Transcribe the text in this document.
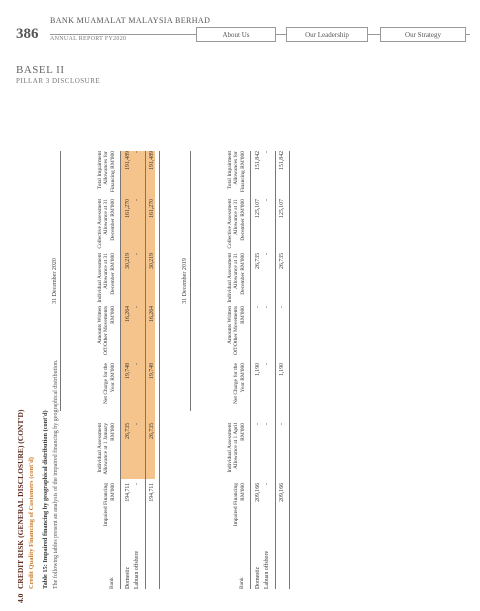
386
BANK MUAMALAT MALAYSIA BERHAD
ANNUAL REPORT FY2020
About Us	Our Leadership	Our Strategy
BASEL II
PILLAR 3 DISCLOSURE
4.0CREDIT RISK (GENERAL DISCLOSURE) (CONT'D) Credit Quality Financing of Customers (cont'd) Table 15: Impaired financing by geographical distribution (cont'd) The following tables present an analysis of the impaired financing by geographical distribution.
31 December 2020
Bank
Impaired Financing RM'000
Individual Assessment Allowance at 1 January RM'000
Net Charge for the Year RM'000
Amounts Written Off/Other Movements RM'000
Individual Assessment Allowance at 31 December RM'000
Collective Assessment Allowance at 31 December RM'000
Total Impairment Allowances for Financing RM'000
Domestic
194,711
26,735
19,748
16,264
30,219
161,270
191,489
Labuan offshore
-
-
-
-
-
-
-
194,711
26,735
19,748
16,264
30,219
161,270
191,489
31 December 2019
Bank
Impaired Financing RM'000
Individual Assessment Allowance at 1 April RM'000
Net Charge for the Year RM'000
Amounts Written Off/Other Movements RM'000
Individual Assessment Allowance at 31 December RM'000
Collective Assessment Allowance at 31 December RM'000
Total Impairment Allowances for Financing RM'000
Domestic
209,166
-
1,190
-
26,735
125,107
151,842
Labuan offshore
-
-
-
-
-
-
-
209,166
-
1,190
-
26,735
125,107
151,842
